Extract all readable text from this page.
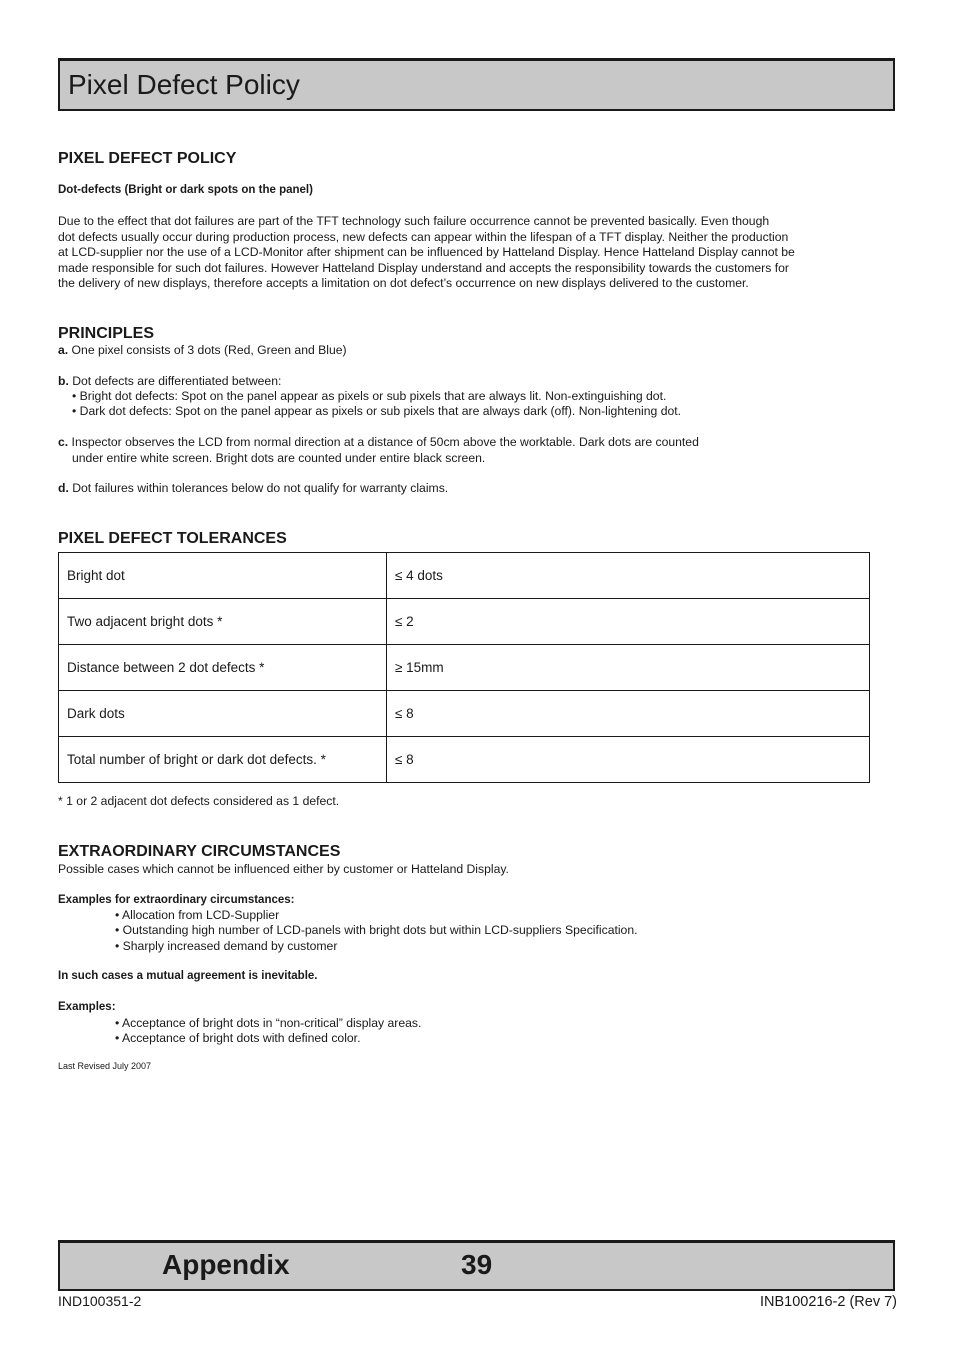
Pixel Defect Policy
PIXEL DEFECT POLICY

Dot-defects (Bright or dark spots on the panel)

Due to the effect that dot failures are part of the TFT technology such failure occurrence cannot be prevented basically. Even though
dot defects usually occur during production process, new defects can appear within the lifespan of a TFT display. Neither the production
at LCD-supplier nor the use of a LCD-Monitor after shipment can be influenced by Hatteland Display. Hence Hatteland Display cannot be
made responsible for such dot failures. However Hatteland Display understand and accepts the responsibility towards the customers for
the delivery of new displays, therefore accepts a limitation on dot defect’s occurrence on new displays delivered to the customer.
PRINCIPLES

a. One pixel consists of 3 dots (Red, Green and Blue)

b. Dot defects are differentiated between:

• Bright dot defects: Spot on the panel appear as pixels or sub pixels that are always lit. Non-extinguishing dot.

• Dark dot defects: Spot on the panel appear as pixels or sub pixels that are always dark (off). Non-lightening dot.

c. Inspector observes the LCD from normal direction at a distance of 50cm above the worktable. Dark dots are counted

under entire white screen. Bright dots are counted under entire black screen.

d. Dot failures within tolerances below do not qualify for warranty claims.

PIXEL DEFECT TOLERANCES
Bright dot	≤ 4 dots
Two adjacent bright dots *	≤ 2
Distance between 2 dot defects *	≥ 15mm
Dark dots	≤ 8
Total number of bright or dark dot defects. *	≤ 8

* 1 or 2 adjacent dot defects considered as 1 defect.

EXTRAORDINARY CIRCUMSTANCES

Possible cases which cannot be influenced either by customer or Hatteland Display.

Examples for extraordinary circumstances:

• Allocation from LCD-Supplier

• Outstanding high number of LCD-panels with bright dots but within LCD-suppliers Specification.

• Sharply increased demand by customer

In such cases a mutual agreement is inevitable.

Examples:

• Acceptance of bright dots in “non-critical” display areas.

• Acceptance of bright dots with defined color.

Last Revised July 2007

Appendix	39
IND100351-2	INB100216-2 (Rev 7)
